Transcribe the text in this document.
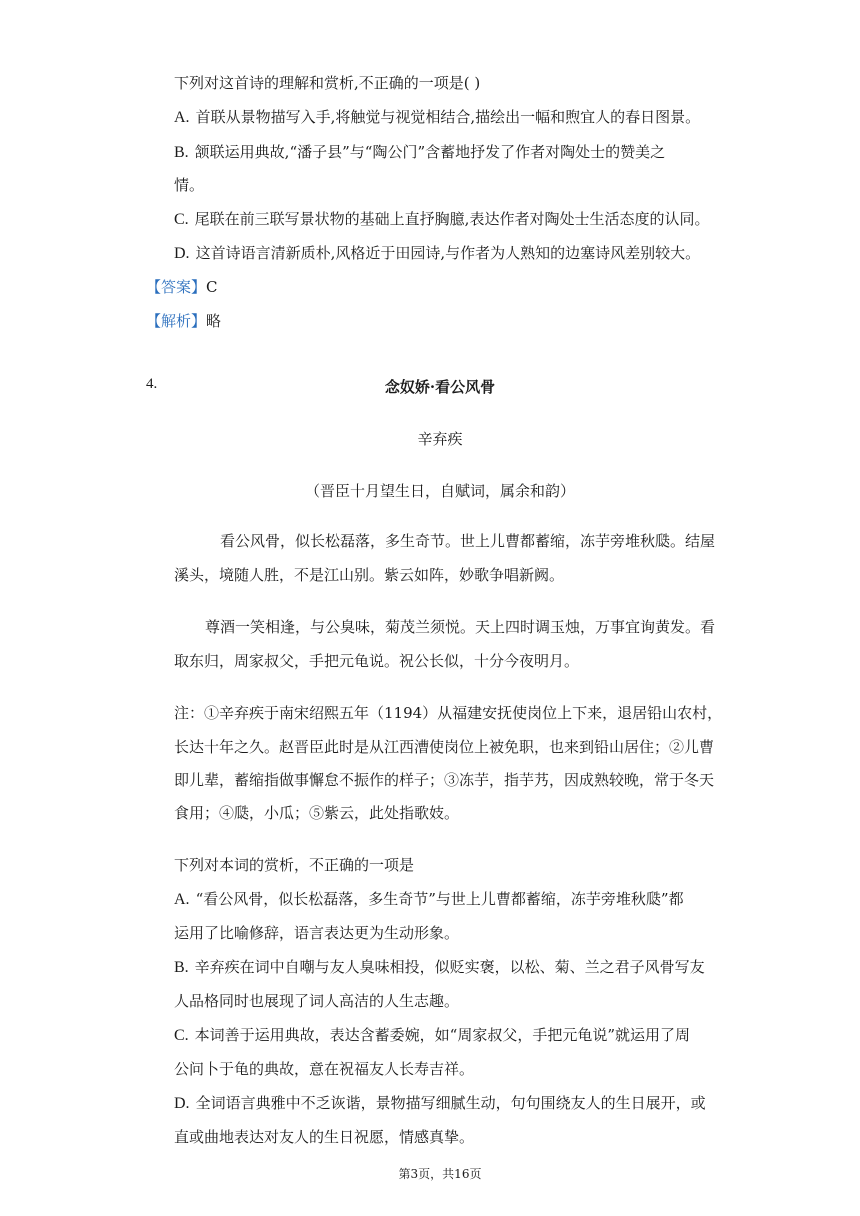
下列对这首诗的理解和赏析,不正确的一项是( )
A. 首联从景物描写入手,将触觉与视觉相结合,描绘出一幅和煦宜人的春日图景。
B. 颔联运用典故,“潘子县”与“陶公门”含蓄地抒发了作者对陶处士的赞美之
情。
C. 尾联在前三联写景状物的基础上直抒胸臆,表达作者对陶处士生活态度的认同。
D. 这首诗语言清新质朴,风格近于田园诗,与作者为人熟知的边塞诗风差别较大。
【答案】C
【解析】略
4.	念奴娇·看公风骨
辛弃疾
（晋臣十月望生日，自赋词，属余和韵）
看公风骨，似长松磊落，多生奇节。世上儿曹都蓄缩，冻芋旁堆秋瓞。结屋
溪头，境随人胜，不是江山别。紫云如阵，妙歌争唱新阙。
尊酒一笑相逢，与公臭味，菊茂兰须悦。天上四时调玉烛，万事宜询黄发。看
取东归，周家叔父，手把元龟说。祝公长似，十分今夜明月。
注：①辛弃疾于南宋绍熙五年（1194）从福建安抚使岗位上下来，退居铅山农村，
长达十年之久。赵晋臣此时是从江西漕使岗位上被免职，也来到铅山居住；②儿曹
即儿辈，蓄缩指做事懈怠不振作的样子；③冻芋，指芋艿，因成熟较晚，常于冬天
食用；④瓞，小瓜；⑤紫云，此处指歌妓。
下列对本词的赏析，不正确的一项是
A. “看公风骨，似长松磊落，多生奇节”与世上儿曹都蓄缩，冻芋旁堆秋瓞”都
运用了比喻修辞，语言表达更为生动形象。
B. 辛弃疾在词中自嘲与友人臭味相投，似贬实褒，以松、菊、兰之君子风骨写友
人品格同时也展现了词人高洁的人生志趣。
C. 本词善于运用典故，表达含蓄委婉，如“周家叔父，手把元龟说”就运用了周
公问卜于龟的典故，意在祝福友人长寿吉祥。
D. 全词语言典雅中不乏诙谐，景物描写细腻生动，句句围绕友人的生日展开，或
直或曲地表达对友人的生日祝愿，情感真挚。
第3页，共16页
